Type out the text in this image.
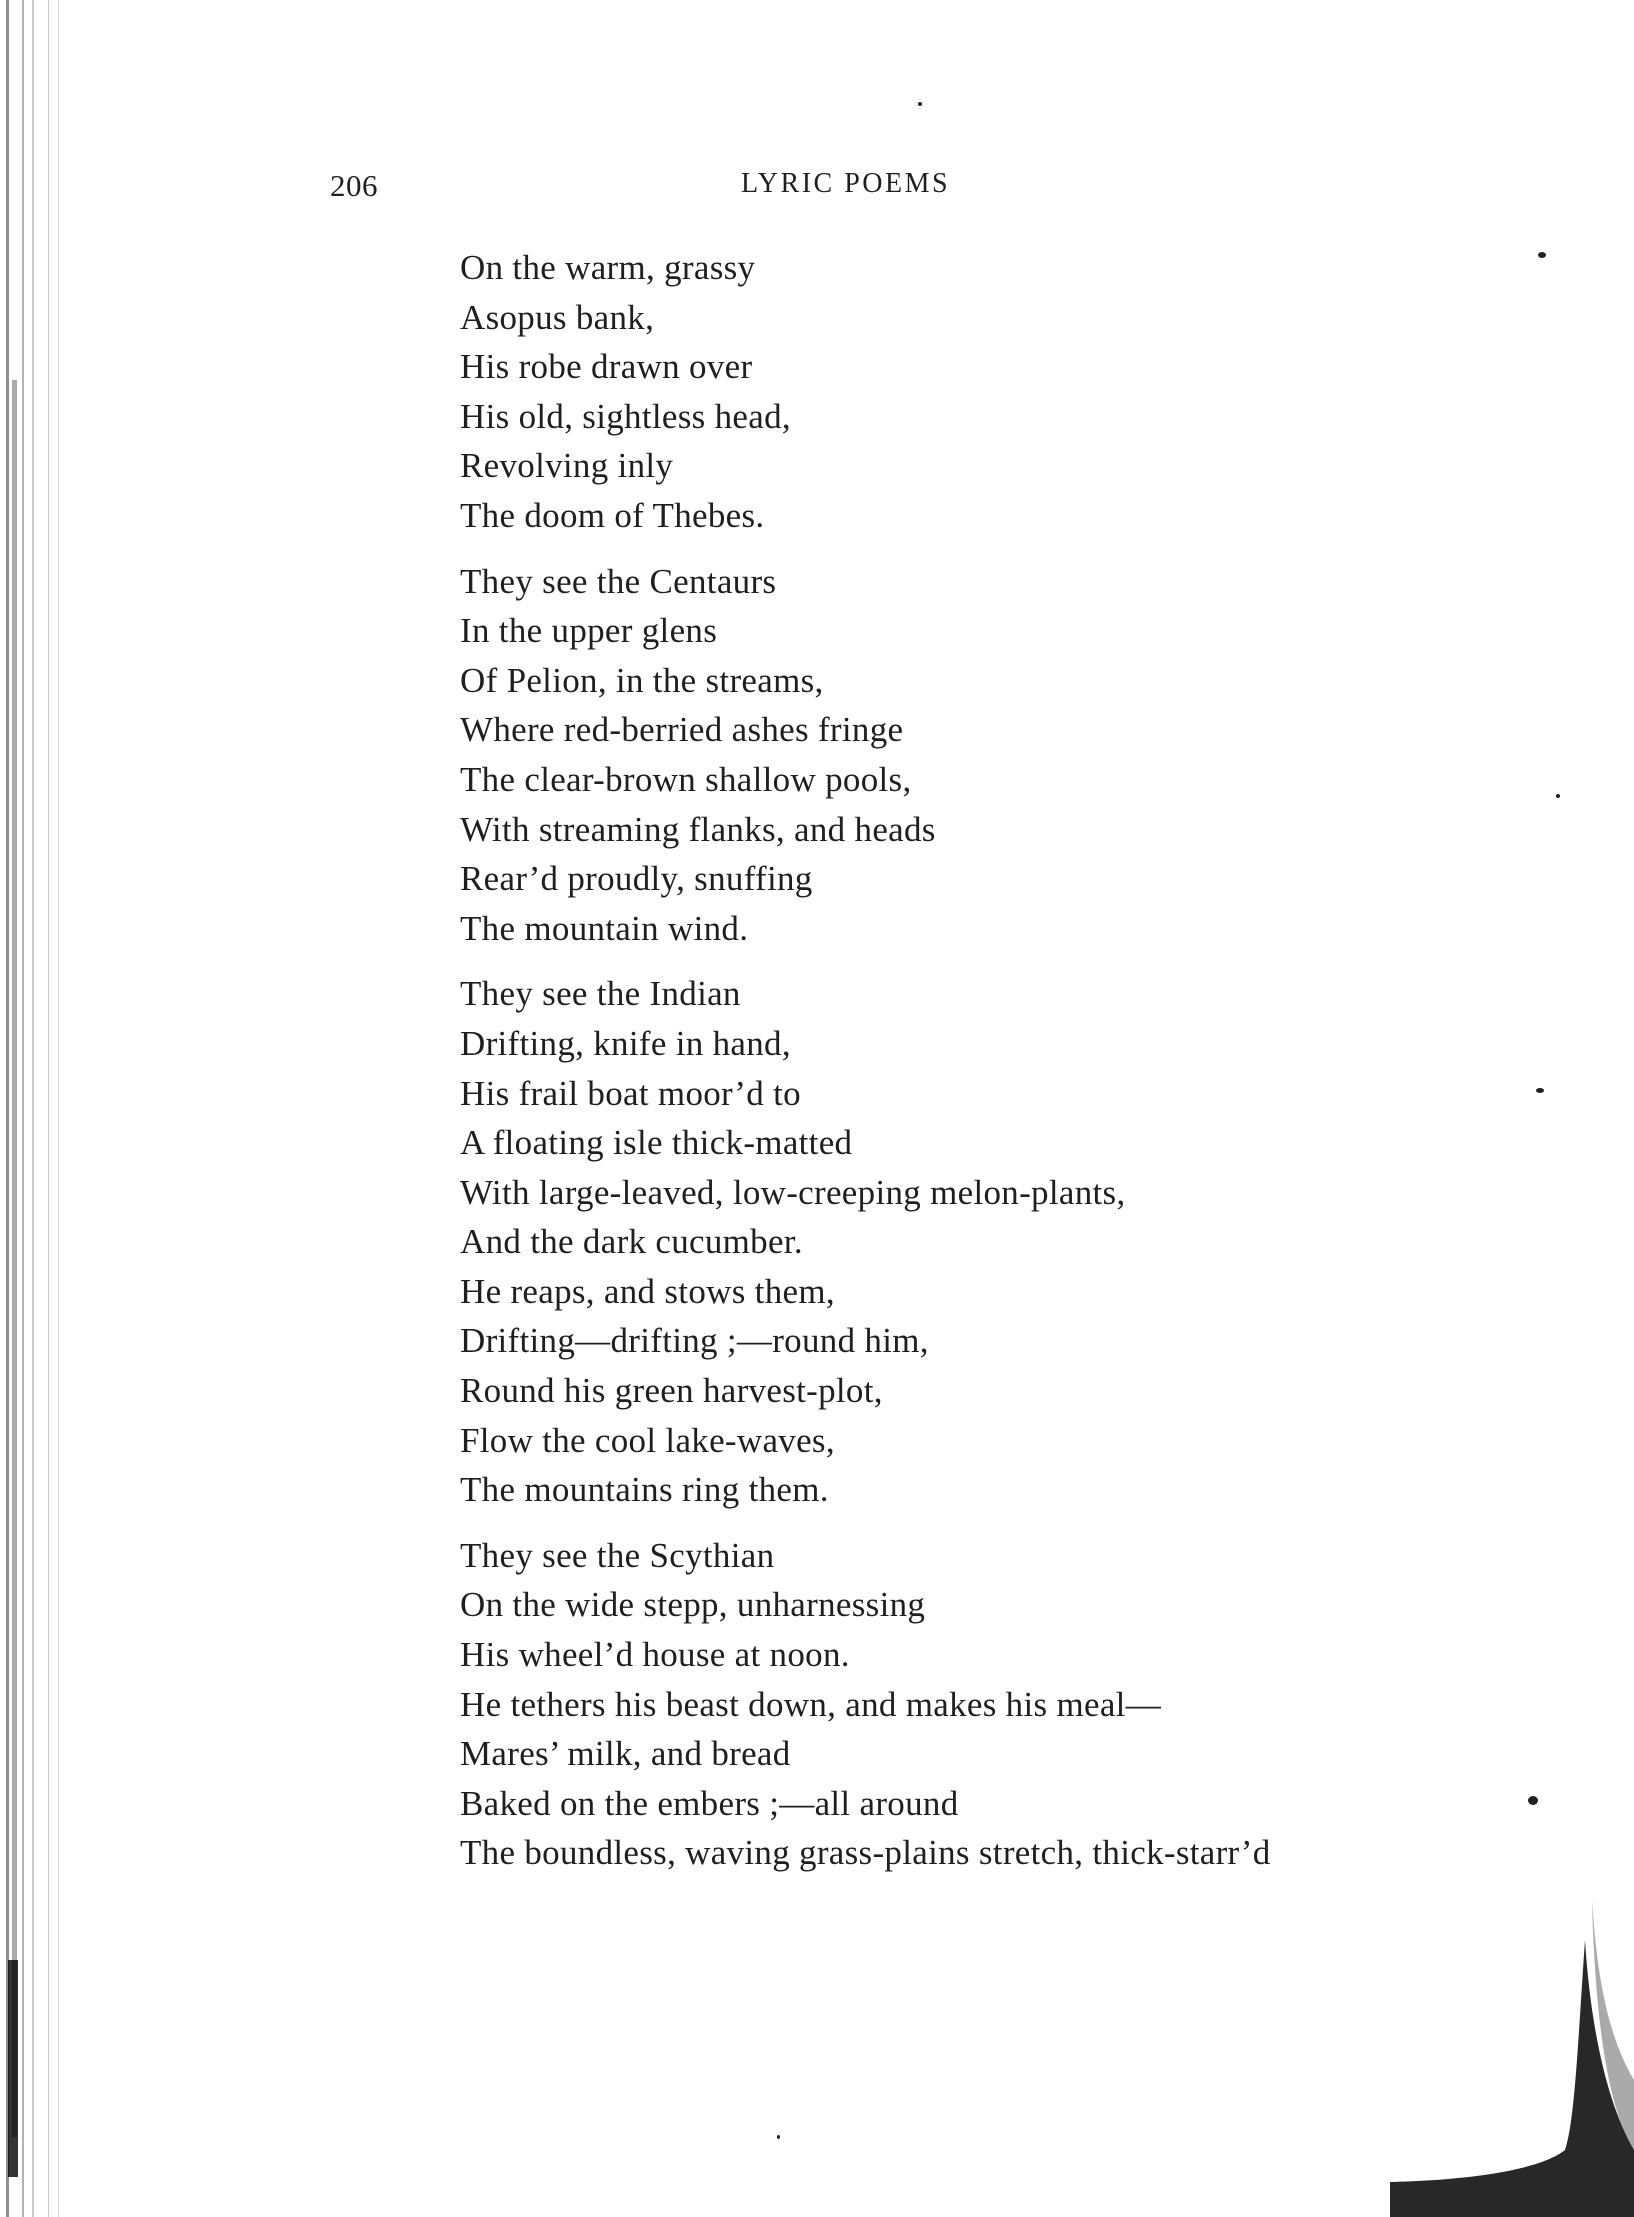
206	LYRIC POEMS
On the warm, grassy
Asopus bank,
His robe drawn over
His old, sightless head,
Revolving inly
The doom of Thebes.
They see the Centaurs
In the upper glens
Of Pelion, in the streams,
Where red-berried ashes fringe
The clear-brown shallow pools,
With streaming flanks, and heads
Rear’d proudly, snuffing
The mountain wind.
They see the Indian
Drifting, knife in hand,
His frail boat moor’d to
A floating isle thick-matted
With large-leaved, low-creeping melon-plants,
And the dark cucumber.
He reaps, and stows them,
Drifting—drifting ;—round him,
Round his green harvest-plot,
Flow the cool lake-waves,
The mountains ring them.
They see the Scythian
On the wide stepp, unharnessing
His wheel’d house at noon.
He tethers his beast down, and makes his meal—
Mares’ milk, and bread
Baked on the embers ;—all around
The boundless, waving grass-plains stretch, thick-starr’d
